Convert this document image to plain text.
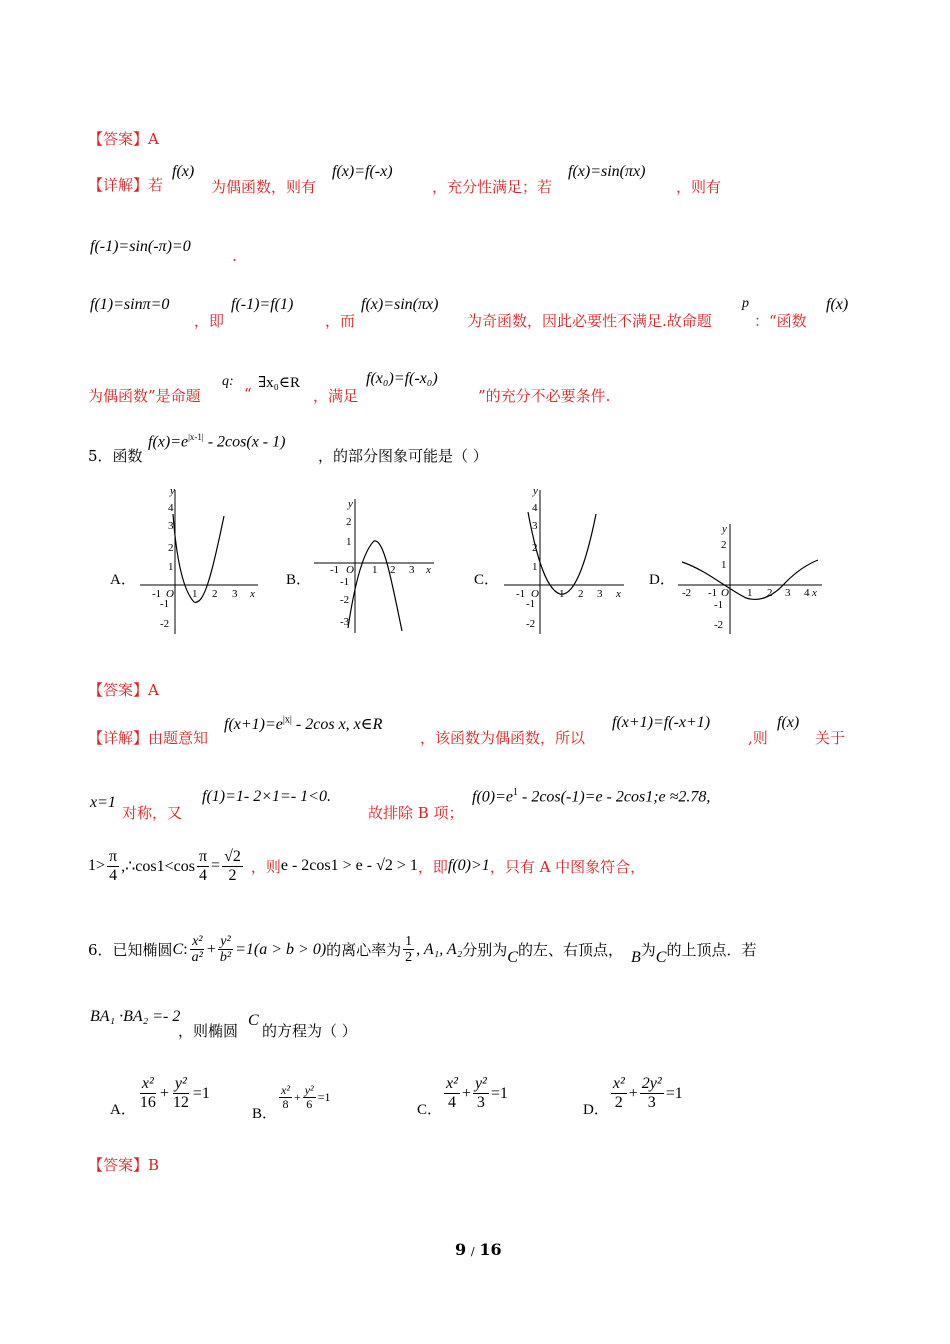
【答案】A
【详解】若
f(x)
为偶函数，则有
f(x)=f(-x)
，充分性满足；若
f(x)=sin(πx)
，则有
f(-1)=sin(-π)=0
.
f(1)=sinπ=0
，即
f(-1)=f(1)
，而
f(x)=sin(πx)
为奇函数，因此必要性不满足.故命题
p
：“函数
f(x)
为偶函数”是命题
q:
“
∃x₀∈R
，满足
f(x₀)=f(-x₀)
”的充分不必要条件.
5．函数
$f(x)=e^{|x-1|} - 2\cos(x - 1)$
，的部分图象可能是（ ）
A．	B．	C．	D．
y
x
4
3
2
1
-1
-2
-1 O 1 2 3
y
x
2
1
-1
-2
-3
-1 O 1 2 3
y
x
4
3
2
1
-1
-2
-1 O 1 2 3
y
x
2
1
-1
-2
-2 -1 O 1 2 3 4
【答案】A
【详解】由题意知
$f(x+1)=e^{|x|} - 2\cos$ x, x∈R
，该函数为偶函数，所以
f(x+1)=f(-x+1)
,则
f(x)
关于
x=1
对称，又
f(1)=1- 2×1=- 1<0.
故排除 B 项；
$f(0)=e^1 - 2\cos(-1)=e$ - 2cos1;e ≈2.78,
$1> \frac{\pi}{4}$ ,∴cos1<cos $\frac{\pi}{4} = \frac{√2}{2}$ ，则 e - 2cos1 > e - √2 > 1 ，即 f(0)>1 ，只有 A 中图象符合，
6．已知椭圆 C : $\frac{\text{x²}}{\text{a²}} + \frac{\text{y²}}{\text{b²}} =1(a > b > 0)$ 的离心率为 $\frac{1}{2}$ , A₁, A₂ 分别为 C 的左、右顶点， B 为 C 的上顶点．若
BA₁ ·BA₂ =- 2
，则椭圆
C
的方程为（ ）
A． $\frac{\text{x²}}{16} + \frac{\text{y²}}{12} =1$
B．
$\frac{\text{x²}}{8} + \frac{\text{y²}}{6} =1$
C． $\frac{\text{x²}}{4} + \frac{\text{y²}}{3} =1$
D． $\frac{\text{x²}}{2} + \frac{\text{2y²}}{3} =1$
【答案】B
9 / 16
